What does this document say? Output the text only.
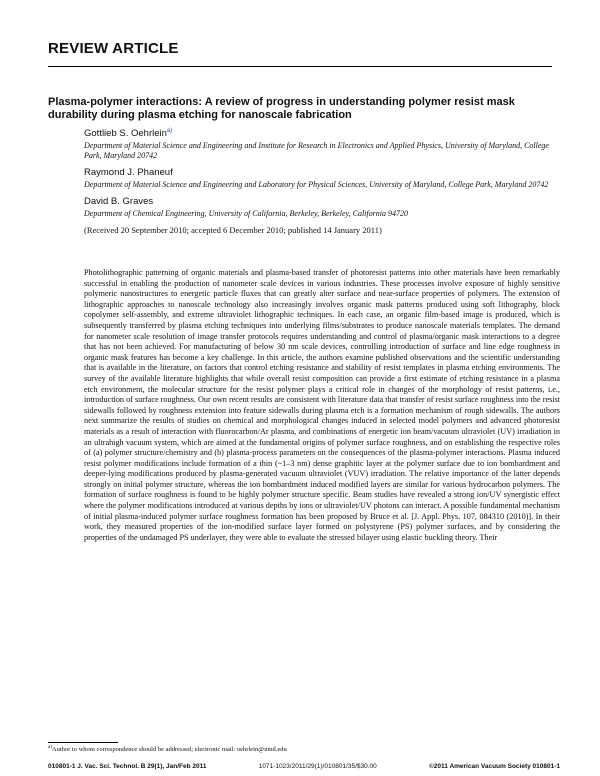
REVIEW ARTICLE
Plasma-polymer interactions: A review of progress in understanding polymer resist mask durability during plasma etching for nanoscale fabrication
Gottlieb S. Oehrlein$^{a)}$
Department of Material Science and Engineering and Institute for Research in Electronics and Applied Physics, University of Maryland, College Park, Maryland 20742
Raymond J. Phaneuf
Department of Material Science and Engineering and Laboratory for Physical Sciences, University of Maryland, College Park, Maryland 20742
David B. Graves
Department of Chemical Engineering, University of California, Berkeley, Berkeley, California 94720
(Received 20 September 2010; accepted 6 December 2010; published 14 January 2011)
Photolithographic patterning of organic materials and plasma-based transfer of photoresist patterns into other materials have been remarkably successful in enabling the production of nanometer scale devices in various industries. These processes involve exposure of highly sensitive polymeric nanostructures to energetic particle fluxes that can greatly alter surface and near-surface properties of polymers. The extension of lithographic approaches to nanoscale technology also increasingly involves organic mask patterns produced using soft lithography, block copolymer self-assembly, and extreme ultraviolet lithographic techniques. In each case, an organic film-based image is produced, which is subsequently transferred by plasma etching techniques into underlying films/substrates to produce nanoscale materials templates. The demand for nanometer scale resolution of image transfer protocols requires understanding and control of plasma/organic mask interactions to a degree that has not been achieved. For manufacturing of below 30 nm scale devices, controlling introduction of surface and line edge roughness in organic mask features has become a key challenge. In this article, the authors examine published observations and the scientific understanding that is available in the literature, on factors that control etching resistance and stability of resist templates in plasma etching environments. The survey of the available literature highlights that while overall resist composition can provide a first estimate of etching resistance in a plasma etch environment, the molecular structure for the resist polymer plays a critical role in changes of the morphology of resist patterns, i.e., introduction of surface roughness. Our own recent results are consistent with literature data that transfer of resist surface roughness into the resist sidewalls followed by roughness extension into feature sidewalls during plasma etch is a formation mechanism of rough sidewalls. The authors next summarize the results of studies on chemical and morphological changes induced in selected model polymers and advanced photoresist materials as a result of interaction with fluorocarbon/Ar plasma, and combinations of energetic ion beam/vacuum ultraviolet (UV) irradiation in an ultrahigh vacuum system, which are aimed at the fundamental origins of polymer surface roughness, and on establishing the respective roles of (a) polymer structure/chemistry and (b) plasma-process parameters on the consequences of the plasma-polymer interactions. Plasma induced resist polymer modifications include formation of a thin (~1–3 nm) dense graphitic layer at the polymer surface due to ion bombardment and deeper-lying modifications produced by plasma-generated vacuum ultraviolet (VUV) irradiation. The relative importance of the latter depends strongly on initial polymer structure, whereas the ion bombardment induced modified layers are similar for various hydrocarbon polymers. The formation of surface roughness is found to be highly polymer structure specific. Beam studies have revealed a strong ion/UV synergistic effect where the polymer modifications introduced at various depths by ions or ultraviolet/UV photons can interact. A possible fundamental mechanism of initial plasma-induced polymer surface roughness formation has been proposed by Bruce et al. [J. Appl. Phys. 107, 084310 (2010)]. In their work, they measured properties of the ion-modified surface layer formed on polystyrene (PS) polymer surfaces, and by considering the properties of the undamaged PS underlayer, they were able to evaluate the stressed bilayer using elastic buckling theory. Their
$^{a)}$Author to whom correspondence should be addressed; electronic mail: oehrlein@umd.edu
010801-1 J. Vac. Sci. Technol. B 29(1), Jan/Feb 2011	1071-1023/2011/29(1)/010801/35/$30.00	©2011 American Vacuum Society 010801-1
